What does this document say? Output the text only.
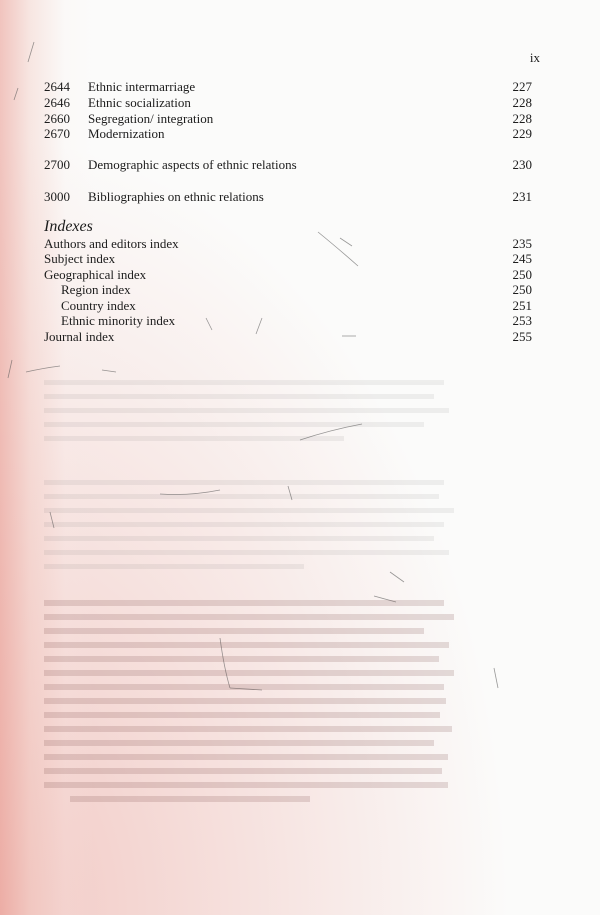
ix
2644	Ethnic intermarriage	227
2646	Ethnic socialization	228
2660	Segregation/ integration	228
2670	Modernization	229
2700	Demographic aspects of ethnic relations	230
3000	Bibliographies on ethnic relations	231
Indexes
Authors and editors index	235
Subject index	245
Geographical index	250
Region index	250
Country index	251
Ethnic minority index	253
Journal index	255
